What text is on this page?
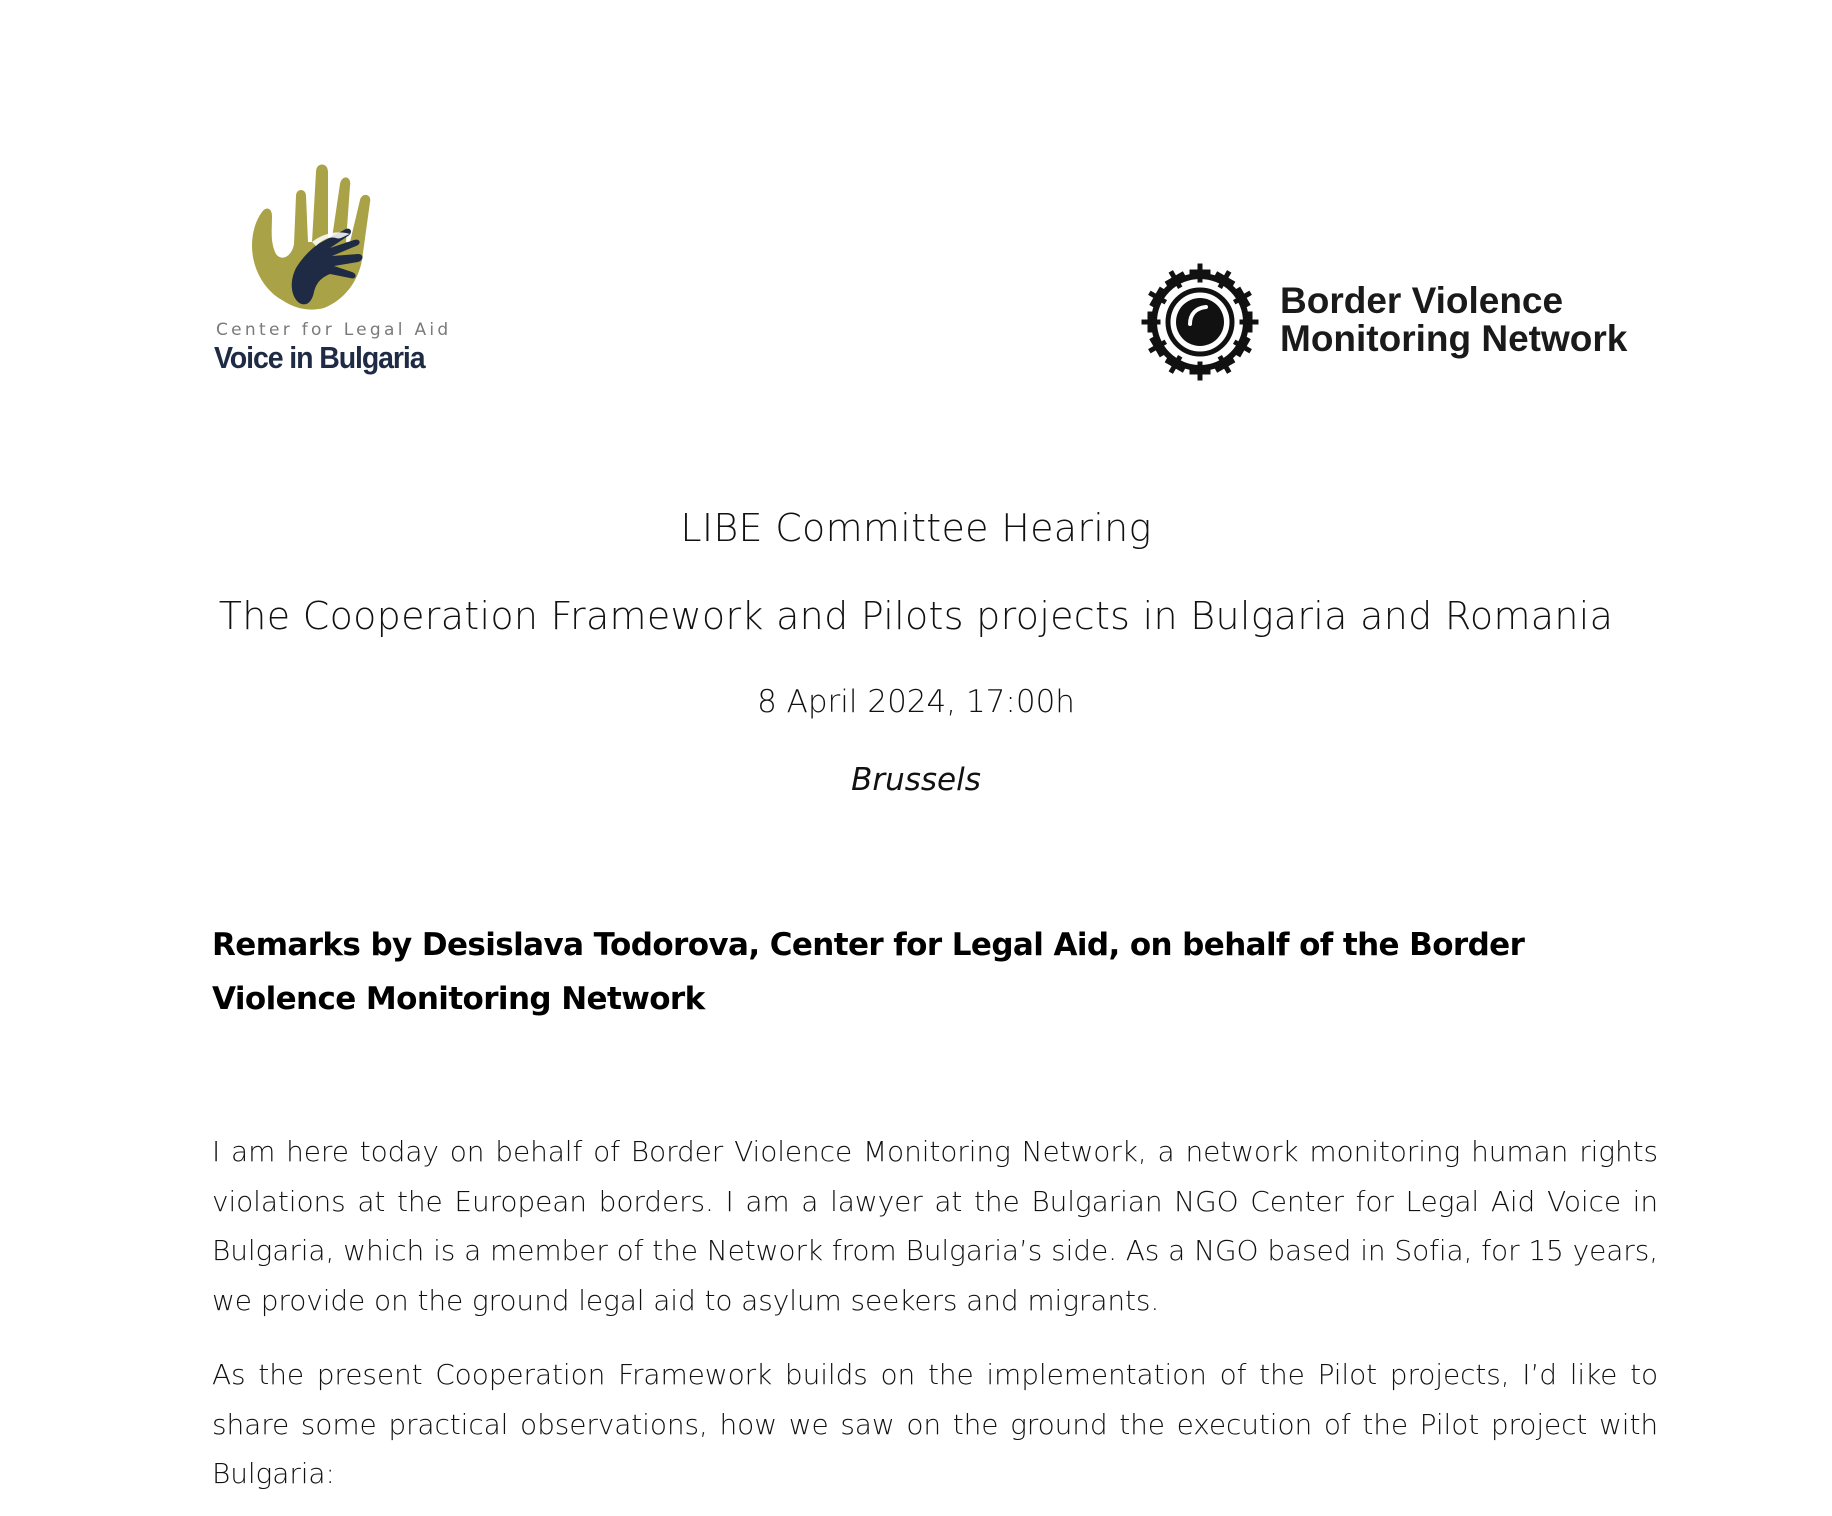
Center for Legal Aid
Voice in Bulgaria
Border Violence
Monitoring Network
LIBE Committee Hearing
The Cooperation Framework and Pilots projects in Bulgaria and Romania
8 April 2024, 17:00h
Brussels
Remarks by Desislava Todorova, Center for Legal Aid, on behalf of the Border Violence Monitoring Network

I am here today on behalf of Border Violence Monitoring Network, a network monitoring human rights violations at the European borders. I am a lawyer at the Bulgarian NGO Center for Legal Aid Voice in Bulgaria, which is a member of the Network from Bulgaria’s side. As a NGO based in Sofia, for 15 years, we provide on the ground legal aid to asylum seekers and migrants.

As the present Cooperation Framework builds on the implementation of the Pilot projects, I’d like to share some practical observations, how we saw on the ground the execution of the Pilot project with Bulgaria:
